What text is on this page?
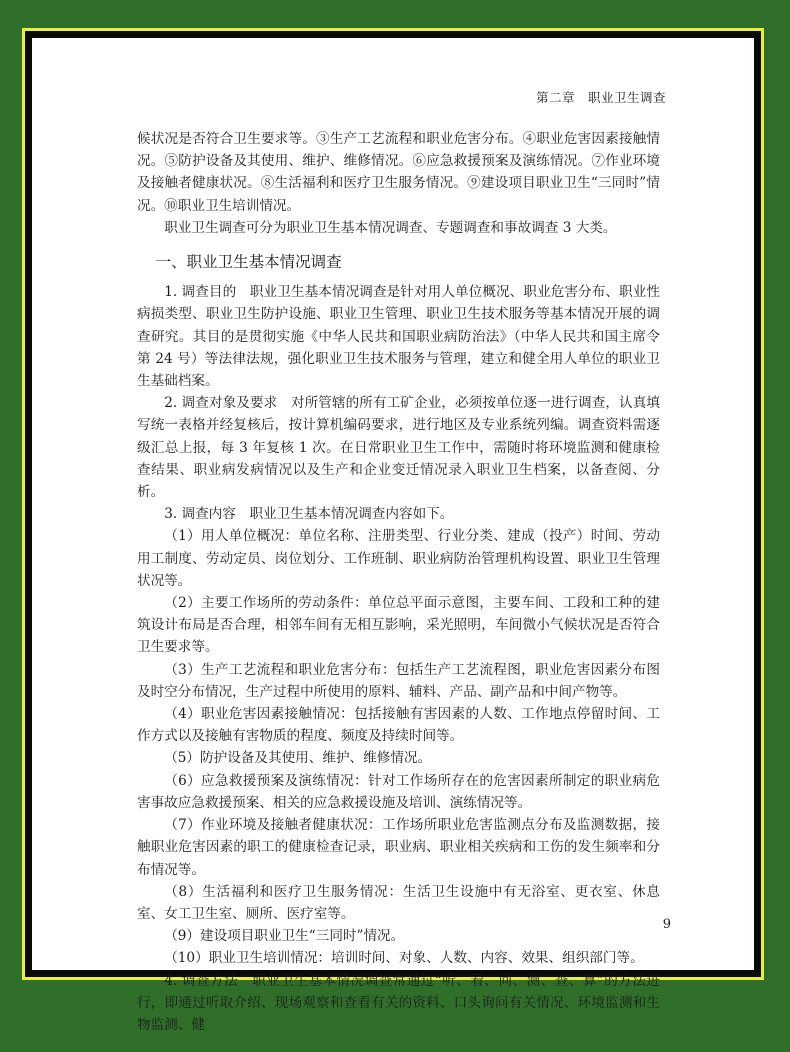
第二章　职业卫生调查

候状况是否符合卫生要求等。③生产工艺流程和职业危害分布。④职业危害因素接触情况。⑤防护设备及其使用、维护、维修情况。⑥应急救援预案及演练情况。⑦作业环境及接触者健康状况。⑧生活福利和医疗卫生服务情况。⑨建设项目职业卫生“三同时”情况。⑩职业卫生培训情况。

职业卫生调查可分为职业卫生基本情况调查、专题调查和事故调查 3 大类。

一、职业卫生基本情况调查

1. 调查目的　职业卫生基本情况调查是针对用人单位概况、职业危害分布、职业性病损类型、职业卫生防护设施、职业卫生管理、职业卫生技术服务等基本情况开展的调查研究。其目的是贯彻实施《中华人民共和国职业病防治法》（中华人民共和国主席令第 24 号）等法律法规，强化职业卫生技术服务与管理，建立和健全用人单位的职业卫生基础档案。

2. 调查对象及要求　对所管辖的所有工矿企业，必须按单位逐一进行调查，认真填写统一表格并经复核后，按计算机编码要求，进行地区及专业系统列编。调查资料需逐级汇总上报，每 3 年复核 1 次。在日常职业卫生工作中，需随时将环境监测和健康检查结果、职业病发病情况以及生产和企业变迁情况录入职业卫生档案，以备查阅、分析。

3. 调查内容　职业卫生基本情况调查内容如下。

（1）用人单位概况：单位名称、注册类型、行业分类、建成（投产）时间、劳动用工制度、劳动定员、岗位划分、工作班制、职业病防治管理机构设置、职业卫生管理状况等。

（2）主要工作场所的劳动条件：单位总平面示意图，主要车间、工段和工种的建筑设计布局是否合理，相邻车间有无相互影响，采光照明，车间微小气候状况是否符合卫生要求等。

（3）生产工艺流程和职业危害分布：包括生产工艺流程图，职业危害因素分布图及时空分布情况，生产过程中所使用的原料、辅料、产品、副产品和中间产物等。

（4）职业危害因素接触情况：包括接触有害因素的人数、工作地点停留时间、工作方式以及接触有害物质的程度、频度及持续时间等。

（5）防护设备及其使用、维护、维修情况。

（6）应急救援预案及演练情况：针对工作场所存在的危害因素所制定的职业病危害事故应急救援预案、相关的应急救援设施及培训、演练情况等。

（7）作业环境及接触者健康状况：工作场所职业危害监测点分布及监测数据，接触职业危害因素的职工的健康检查记录，职业病、职业相关疾病和工伤的发生频率和分布情况等。

（8）生活福利和医疗卫生服务情况：生活卫生设施中有无浴室、更衣室、休息室、女工卫生室、厕所、医疗室等。

（9）建设项目职业卫生“三同时”情况。

（10）职业卫生培训情况：培训时间、对象、人数、内容、效果、组织部门等。

4. 调查方法　职业卫生基本情况调查常通过“听、看、问、测、查、算”的方法进行，即通过听取介绍、现场观察和查看有关的资料、口头询问有关情况、环境监测和生物监测、健

9
